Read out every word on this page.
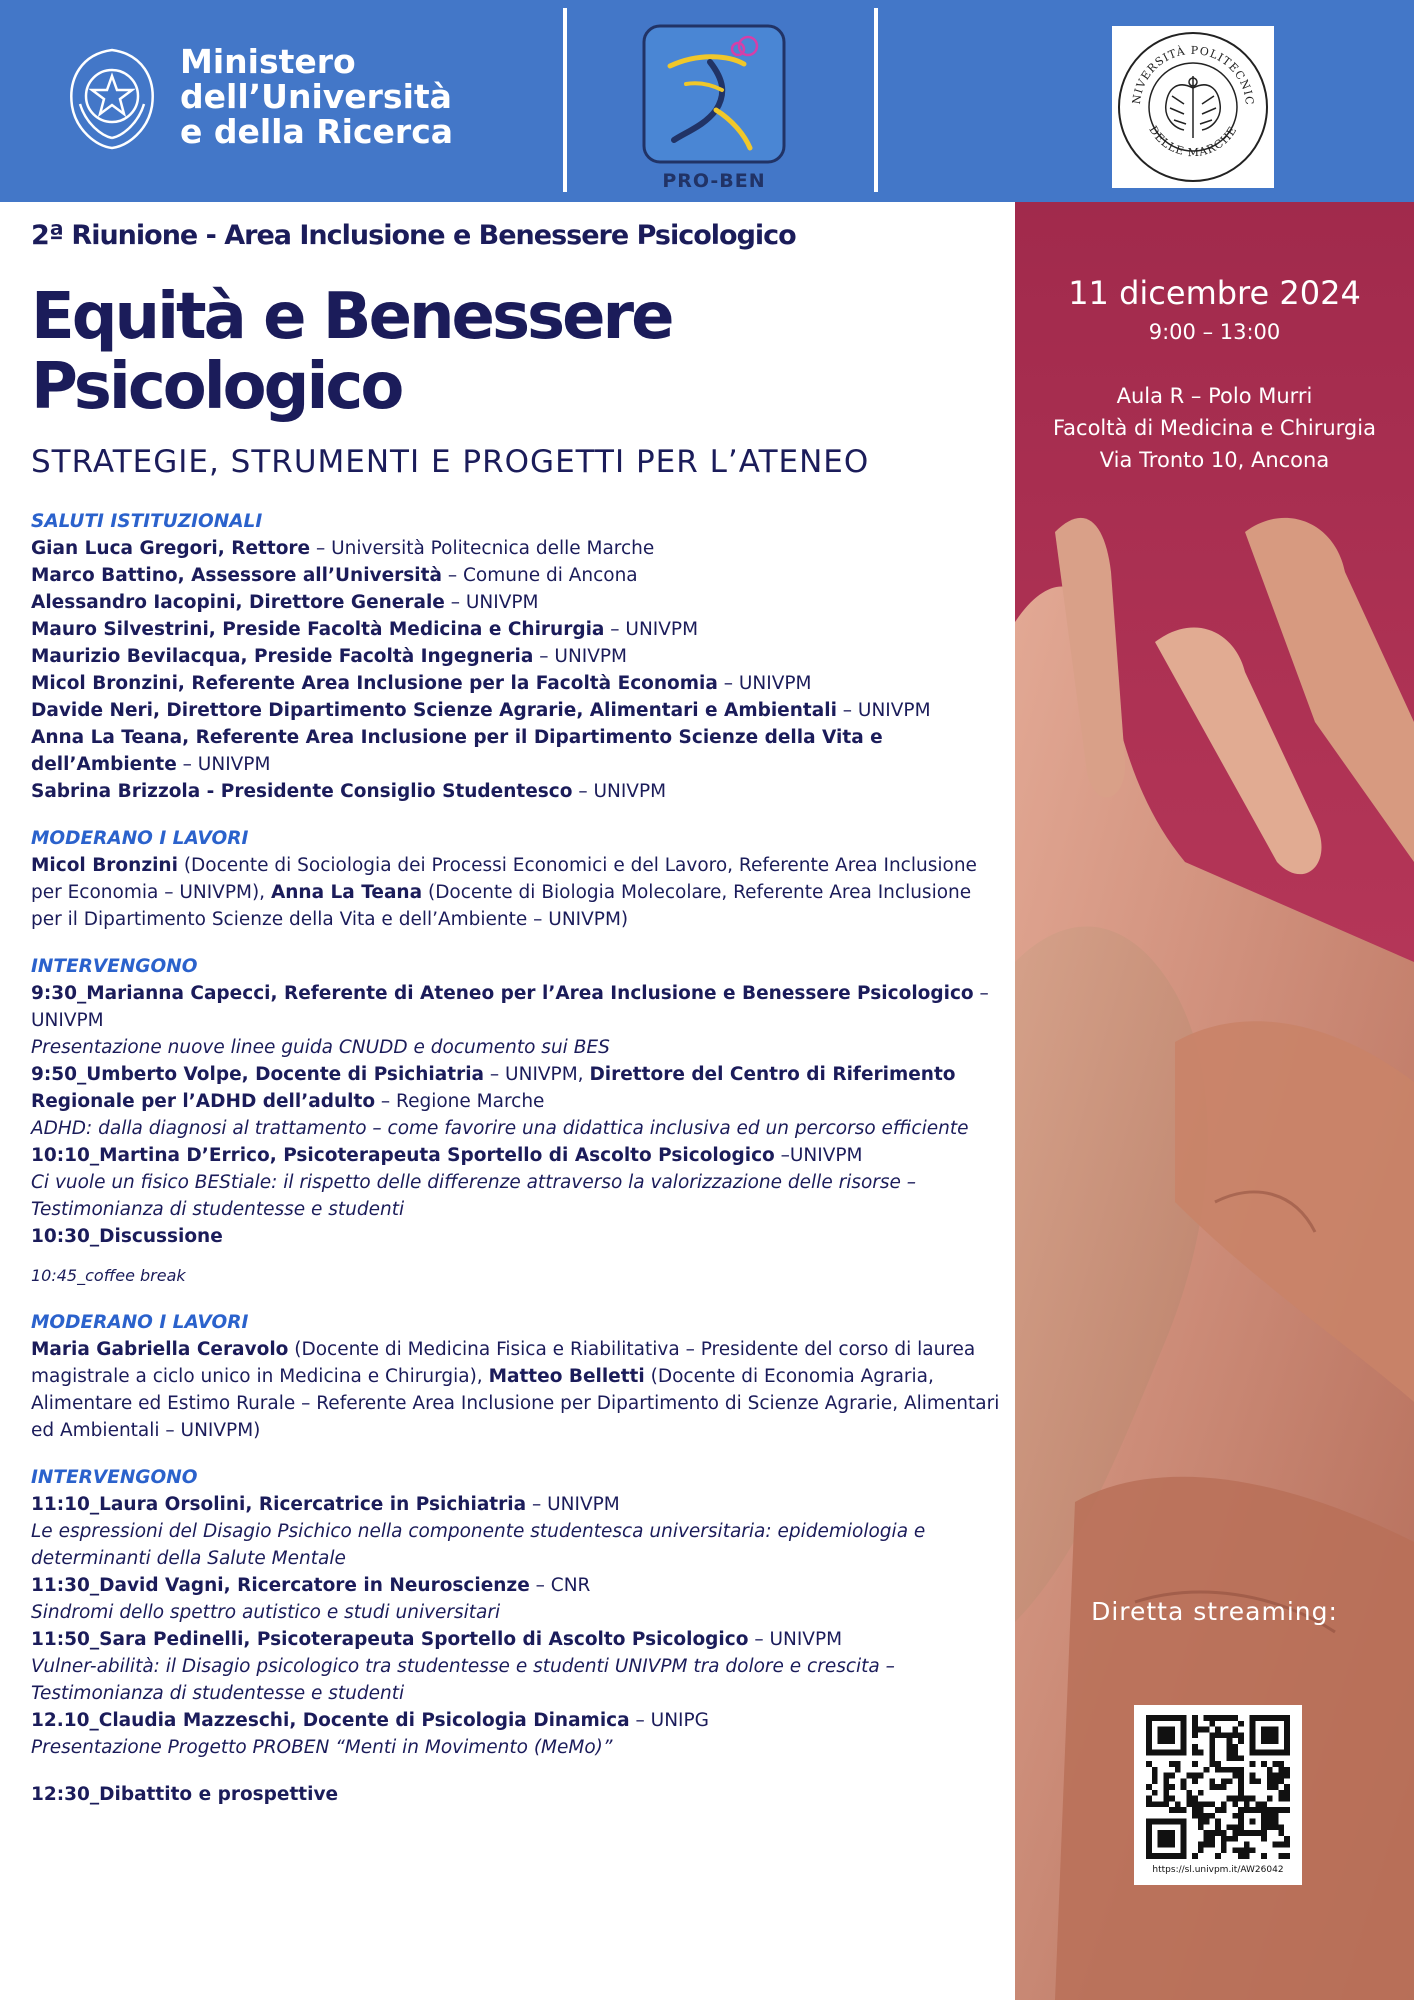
Ministero
dell’Università
e della Ricerca
PRO-BEN
NIVERSITÀ POLITECNIC
DELLE MARCHE
11 dicembre 2024
9:00 – 13:00
Aula R – Polo Murri
Facoltà di Medicina e Chirurgia
Via Tronto 10, Ancona
Diretta streaming:
https://sl.univpm.it/AW26042
2ª Riunione - Area Inclusione e Benessere Psicologico
Equità e Benessere
Psicologico
STRATEGIE, STRUMENTI E PROGETTI PER L’ATENEO
SALUTI ISTITUZIONALI
Gian Luca Gregori, Rettore – Università Politecnica delle Marche
Marco Battino, Assessore all’Università – Comune di Ancona
Alessandro Iacopini, Direttore Generale – UNIVPM
Mauro Silvestrini, Preside Facoltà Medicina e Chirurgia – UNIVPM
Maurizio Bevilacqua, Preside Facoltà Ingegneria – UNIVPM
Micol Bronzini, Referente Area Inclusione per la Facoltà Economia – UNIVPM
Davide Neri, Direttore Dipartimento Scienze Agrarie, Alimentari e Ambientali – UNIVPM
Anna La Teana, Referente Area Inclusione per il Dipartimento Scienze della Vita e dell’Ambiente – UNIVPM
Sabrina Brizzola - Presidente Consiglio Studentesco – UNIVPM
MODERANO I LAVORI
Micol Bronzini (Docente di Sociologia dei Processi Economici e del Lavoro, Referente Area Inclusione per Economia – UNIVPM), Anna La Teana (Docente di Biologia Molecolare, Referente Area Inclusione per il Dipartimento Scienze della Vita e dell’Ambiente – UNIVPM)
INTERVENGONO
9:30_Marianna Capecci, Referente di Ateneo per l’Area Inclusione e Benessere Psicologico – UNIVPM
Presentazione nuove linee guida CNUDD e documento sui BES
9:50_Umberto Volpe, Docente di Psichiatria – UNIVPM, Direttore del Centro di Riferimento Regionale per l’ADHD dell’adulto – Regione Marche
ADHD: dalla diagnosi al trattamento – come favorire una didattica inclusiva ed un percorso efficiente
10:10_Martina D’Errico, Psicoterapeuta Sportello di Ascolto Psicologico –UNIVPM
Ci vuole un fisico BEStiale: il rispetto delle differenze attraverso la valorizzazione delle risorse – Testimonianza di studentesse e studenti
10:30_Discussione
10:45_coffee break
MODERANO I LAVORI
Maria Gabriella Ceravolo (Docente di Medicina Fisica e Riabilitativa – Presidente del corso di laurea magistrale a ciclo unico in Medicina e Chirurgia), Matteo Belletti (Docente di Economia Agraria, Alimentare ed Estimo Rurale – Referente Area Inclusione per Dipartimento di Scienze Agrarie, Alimentari ed Ambientali – UNIVPM)
INTERVENGONO
11:10_Laura Orsolini, Ricercatrice in Psichiatria – UNIVPM
Le espressioni del Disagio Psichico nella componente studentesca universitaria: epidemiologia e determinanti della Salute Mentale
11:30_David Vagni, Ricercatore in Neuroscienze – CNR
Sindromi dello spettro autistico e studi universitari
11:50_Sara Pedinelli, Psicoterapeuta Sportello di Ascolto Psicologico – UNIVPM
Vulner-abilità: il Disagio psicologico tra studentesse e studenti UNIVPM tra dolore e crescita – Testimonianza di studentesse e studenti
12.10_Claudia Mazzeschi, Docente di Psicologia Dinamica – UNIPG
Presentazione Progetto PROBEN “Menti in Movimento (MeMo)”
12:30_Dibattito e prospettive
